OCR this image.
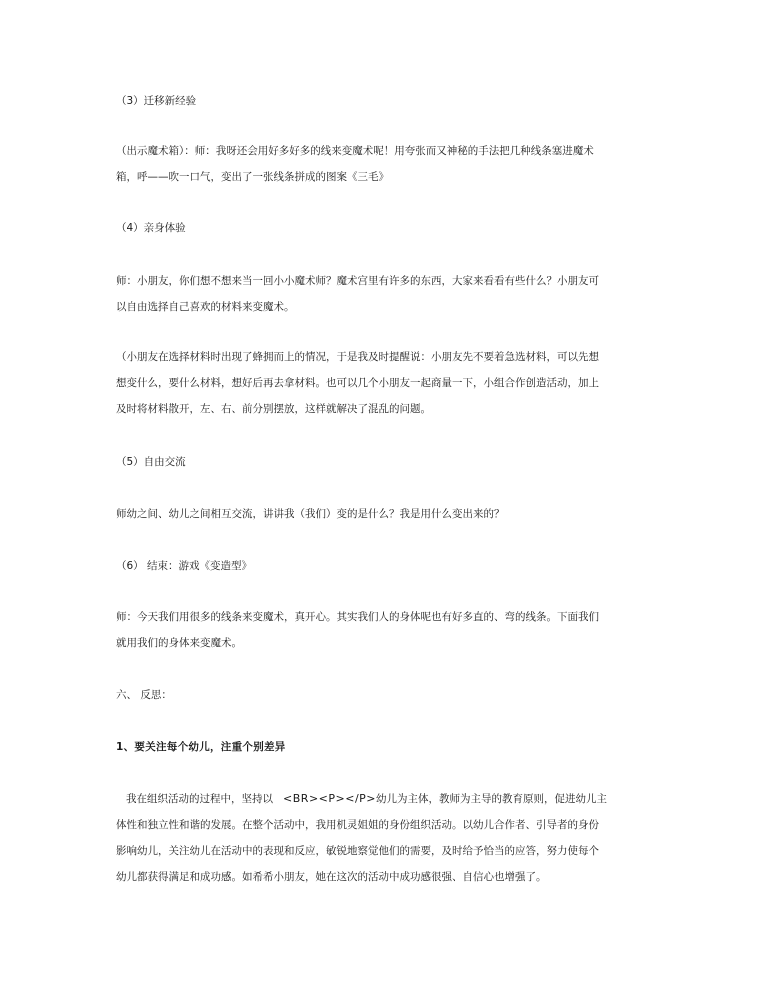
（3）迁移新经验

（出示魔术箱）：师：我呀还会用好多好多的线来变魔术呢！用夸张而又神秘的手法把几种线条塞进魔术
箱，呼——吹一口气，变出了一张线条拼成的图案《三毛》

（4）亲身体验

师：小朋友，你们想不想来当一回小小魔术师？魔术宫里有许多的东西，大家来看看有些什么？小朋友可
以自由选择自己喜欢的材料来变魔术。

（小朋友在选择材料时出现了蜂拥而上的情况，于是我及时提醒说：小朋友先不要着急选材料，可以先想
想变什么，要什么材料，想好后再去拿材料。也可以几个小朋友一起商量一下，小组合作创造活动，加上
及时将材料散开，左、右、前分别摆放，这样就解决了混乱的问题。

（5）自由交流

师幼之间、幼儿之间相互交流，讲讲我（我们）变的是什么？我是用什么变出来的？

（6） 结束：游戏《变造型》

师：今天我们用很多的线条来变魔术，真开心。其实我们人的身体呢也有好多直的、弯的线条。下面我们
就用我们的身体来变魔术。

六、 反思：

1、要关注每个幼儿，注重个别差异

我在组织活动的过程中，坚持以   <BR><P></P>幼儿为主体，教师为主导的教育原则，促进幼儿主
体性和独立性和谐的发展。在整个活动中，我用机灵姐姐的身份组织活动。以幼儿合作者、引导者的身份
影响幼儿，关注幼儿在活动中的表现和反应，敏锐地察觉他们的需要，及时给予恰当的应答，努力使每个
幼儿都获得满足和成功感。如希希小朋友，她在这次的活动中成功感很强、自信心也增强了。
